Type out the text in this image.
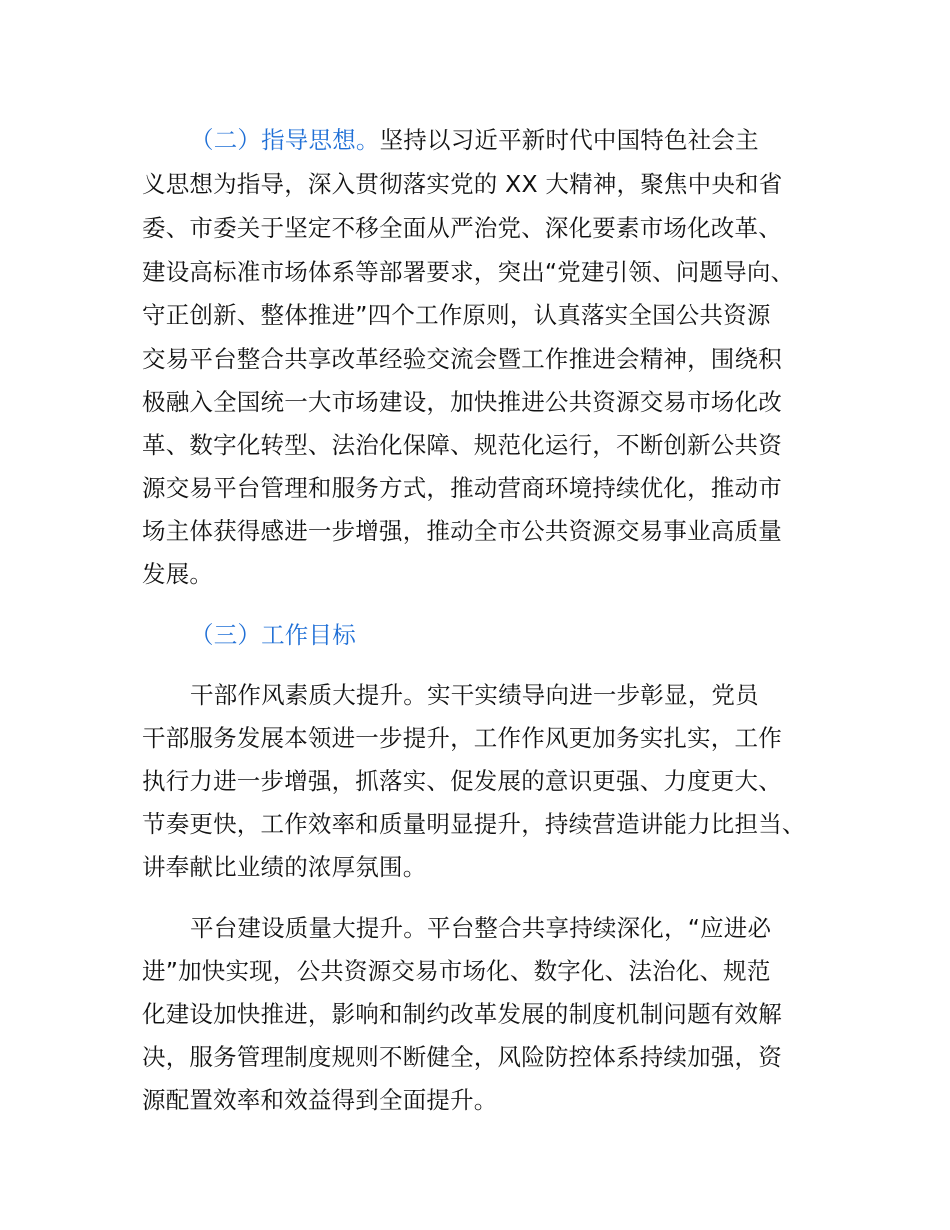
（二）指导思想。坚持以习近平新时代中国特色社会主
义思想为指导，深入贯彻落实党的 XX 大精神，聚焦中央和省
委、市委关于坚定不移全面从严治党、深化要素市场化改革、
建设高标准市场体系等部署要求，突出“党建引领、问题导向、
守正创新、整体推进”四个工作原则，认真落实全国公共资源
交易平台整合共享改革经验交流会暨工作推进会精神，围绕积
极融入全国统一大市场建设，加快推进公共资源交易市场化改
革、数字化转型、法治化保障、规范化运行，不断创新公共资
源交易平台管理和服务方式，推动营商环境持续优化，推动市
场主体获得感进一步增强，推动全市公共资源交易事业高质量
发展。
（三）工作目标
干部作风素质大提升。实干实绩导向进一步彰显，党员
干部服务发展本领进一步提升，工作作风更加务实扎实，工作
执行力进一步增强，抓落实、促发展的意识更强、力度更大、
节奏更快，工作效率和质量明显提升，持续营造讲能力比担当、
讲奉献比业绩的浓厚氛围。
平台建设质量大提升。平台整合共享持续深化，“应进必
进”加快实现，公共资源交易市场化、数字化、法治化、规范
化建设加快推进，影响和制约改革发展的制度机制问题有效解
决，服务管理制度规则不断健全，风险防控体系持续加强，资
源配置效率和效益得到全面提升。
